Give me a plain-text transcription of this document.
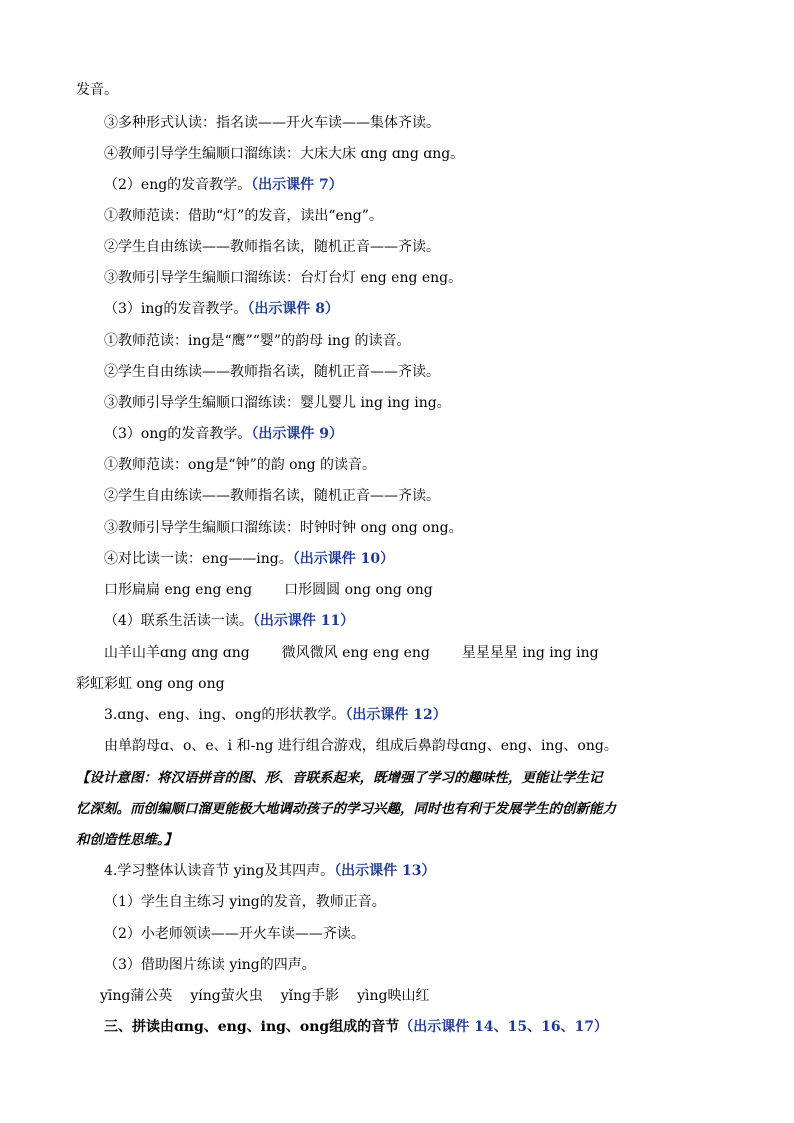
发音。
③多种形式认读：指名读——开火车读——集体齐读。
④教师引导学生编顺口溜练读：大床大床 ɑng ɑng ɑng。
（2）eng的发音教学。（出示课件 7）
①教师范读：借助“灯”的发音，读出“eng”。
②学生自由练读——教师指名读，随机正音——齐读。
③教师引导学生编顺口溜练读：台灯台灯 eng eng eng。
（3）ing的发音教学。（出示课件 8）
①教师范读：ing是“鹰”“婴”的韵母 ing 的读音。
②学生自由练读——教师指名读，随机正音——齐读。
③教师引导学生编顺口溜练读：婴儿婴儿 ing ing ing。
（3）ong的发音教学。（出示课件 9）
①教师范读：ong是“钟”的韵 ong 的读音。
②学生自由练读——教师指名读，随机正音——齐读。
③教师引导学生编顺口溜练读：时钟时钟 ong ong ong。
④对比读一读：eng——ing。（出示课件 10）
口形扁扁 eng eng eng 口形圆圆 ong ong ong
（4）联系生活读一读。（出示课件 11）
山羊山羊ɑng ɑng ɑng 微风微风 eng eng eng 星星星星 ing ing ing
彩虹彩虹 ong ong ong
3.ɑng、eng、ing、ong的形状教学。（出示课件 12）
由单韵母ɑ、o、e、i 和-ng 进行组合游戏，组成后鼻韵母ɑng、eng、ing、ong。
【设计意图：将汉语拼音的图、形、音联系起来，既增强了学习的趣味性，更能让学生记
忆深刻。而创编顺口溜更能极大地调动孩子的学习兴趣，同时也有利于发展学生的创新能力
和创造性思维。】
4.学习整体认读音节 ying及其四声。（出示课件 13）
（1）学生自主练习 ying的发音，教师正音。
（2）小老师领读——开火车读——齐读。
（3）借助图片练读 ying的四声。
yīng蒲公英 yíng萤火虫 yǐng手影 yìng映山红
三、拼读由ɑng、eng、ing、ong组成的音节（出示课件 14、15、16、17）
